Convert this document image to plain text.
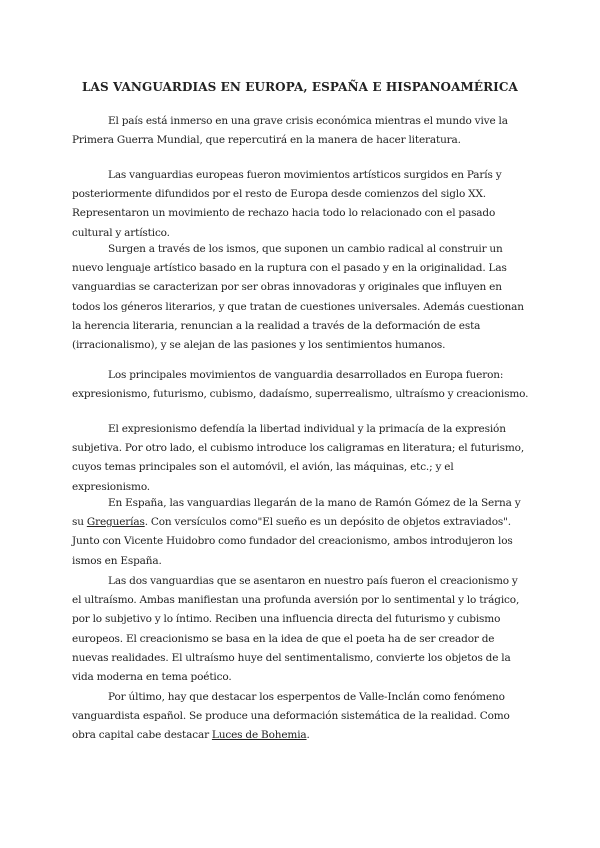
LAS VANGUARDIAS EN EUROPA, ESPAÑA E HISPANOAMÉRICA

El país está inmerso en una grave crisis económica mientras el mundo vive la Primera Guerra Mundial, que repercutirá en la manera de hacer literatura.

Las vanguardias europeas fueron movimientos artísticos surgidos en París y posteriormente difundidos por el resto de Europa desde comienzos del siglo XX. Representaron un movimiento de rechazo hacia todo lo relacionado con el pasado cultural y artístico.

Surgen a través de los ismos, que suponen un cambio radical al construir un nuevo lenguaje artístico basado en la ruptura con el pasado y en la originalidad. Las vanguardias se caracterizan por ser obras innovadoras y originales que influyen en todos los géneros literarios, y que tratan de cuestiones universales. Además cuestionan la herencia literaria, renuncian a la realidad a través de la deformación de esta (irracionalismo), y se alejan de las pasiones y los sentimientos humanos.

Los principales movimientos de vanguardia desarrollados en Europa fueron: expresionismo, futurismo, cubismo, dadaísmo, superrealismo, ultraísmo y creacionismo.

El expresionismo defendía la libertad individual y la primacía de la expresión subjetiva. Por otro lado, el cubismo introduce los caligramas en literatura; el futurismo, cuyos temas principales son el automóvil, el avión, las máquinas, etc.; y el expresionismo.

En España, las vanguardias llegarán de la mano de Ramón Gómez de la Serna y su Greguerías. Con versículos como"El sueño es un depósito de objetos extraviados". Junto con Vicente Huidobro como fundador del creacionismo, ambos introdujeron los ismos en España.

Las dos vanguardias que se asentaron en nuestro país fueron el creacionismo y el ultraísmo. Ambas manifiestan una profunda aversión por lo sentimental y lo trágico, por lo subjetivo y lo íntimo. Reciben una influencia directa del futurismo y cubismo europeos. El creacionismo se basa en la idea de que el poeta ha de ser creador de nuevas realidades. El ultraísmo huye del sentimentalismo, convierte los objetos de la vida moderna en tema poético.

Por último, hay que destacar los esperpentos de Valle-Inclán como fenómeno vanguardista español. Se produce una deformación sistemática de la realidad. Como obra capital cabe destacar Luces de Bohemia.
